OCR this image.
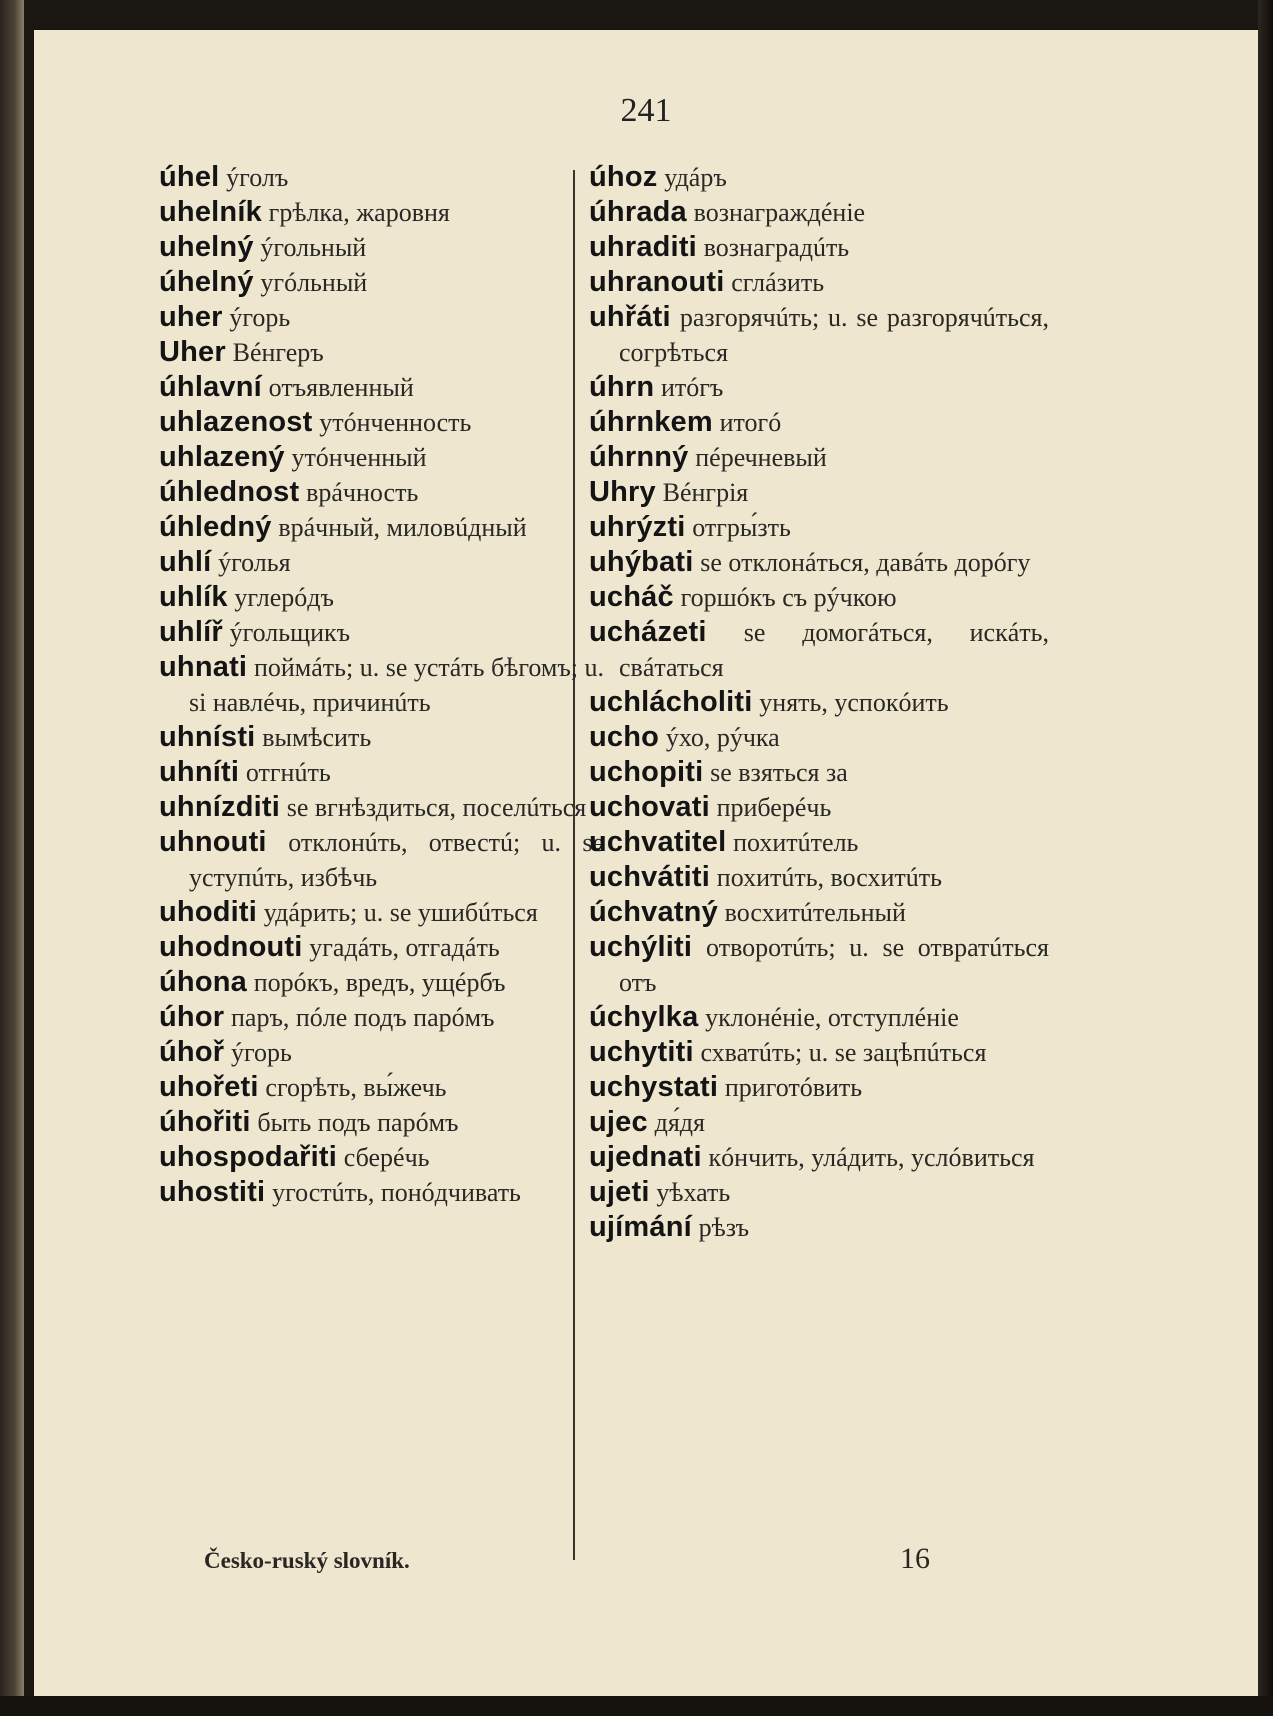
241
úhel ýголъ
uhelník грѣлка, жаровня
uhelný ýгольный
úhelný угóльный
uher ýгорь
Uher Вéнгеръ
úhlavní отъявленный
uhlazenost утóнченность
uhlazený утóнченный
úhlednost врáчность
úhledný врáчный, миловúдный
uhlí ýголья
uhlík углерóдъ
uhlíř ýгольщикъ
uhnati поймáть; u. se устáть бѣгомъ; u. si навлéчь, причинúть
uhnísti вымѣсить
uhníti отгнúть
uhnízditi se вгнѣздиться, поселúться
uhnouti отклонúть, отвестú; u. se уступúть, избѣчь
uhoditi удáрить; u. se ушибúться
uhodnouti угадáть, отгадáть
úhona порóкъ, вредъ, ущéрбъ
úhor паръ, пóле подъ парóмъ
úhoř ýгорь
uhořeti сгорѣть, вы́жечь
úhořiti быть подъ парóмъ
uhospodařiti сберéчь
uhostiti угостúть, понóдчивать
úhoz удáръ
úhrada вознаграждéніе
uhraditi вознаградúть
uhranouti сглáзить
uhřáti разгорячúть; u. se разгорячúться, согрѣться
úhrn итóгъ
úhrnkem итогó
úhrnný пéречневый
Uhry Вéнгрія
uhrýzti отгры́зть
uhýbati se отклонáться, давáть дорóгу
ucháč горшóкъ съ рýчкою
ucházeti se домогáться, искáть, свáтаться
uchlácholiti унять, успокóить
ucho ýхо, рýчка
uchopiti se взяться за
uchovati приберéчь
uchvatitel похитúтель
uchvátiti похитúть, восхитúть
úchvatný восхитúтельный
uchýliti отворотúть; u. se отвратúться отъ
úchylka уклонéніе, отступлéніе
uchytiti схватúть; u. se зацѣпúться
uchystati приготóвить
ujec дя́дя
ujednati кóнчить, улáдить, услóвиться
ujeti уѣхать
ujímání рѣзъ
Česko-ruský slovník.	16
